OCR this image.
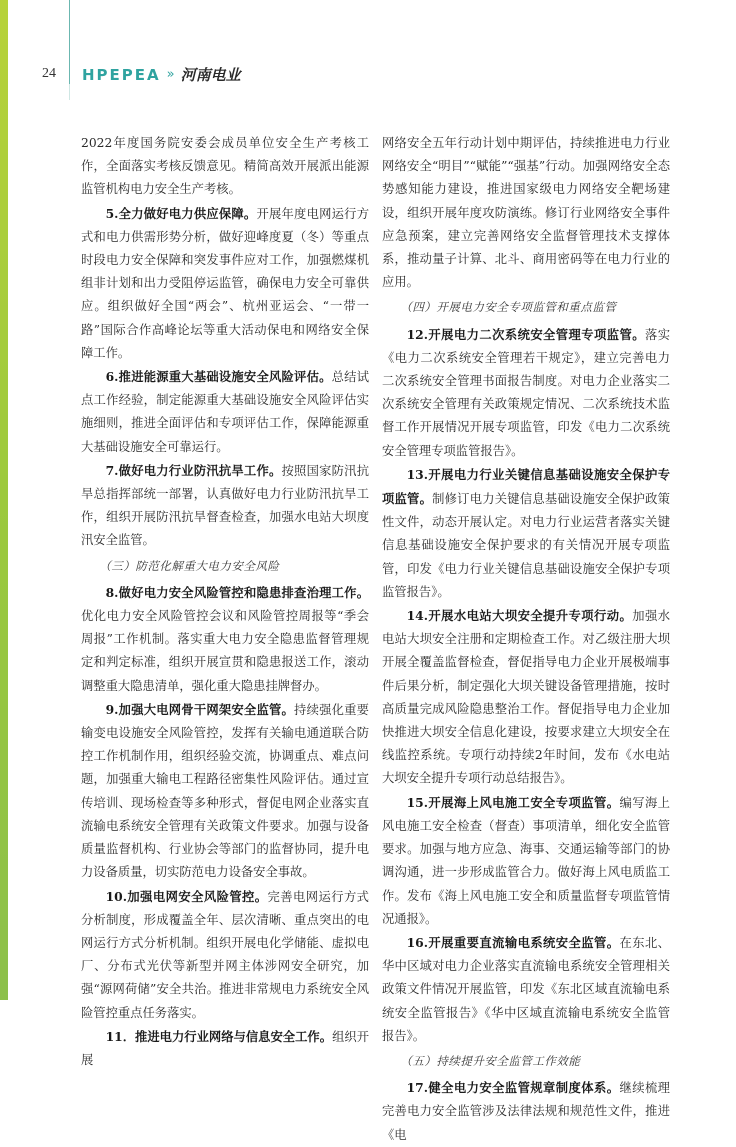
24 HPEPEA » 河南电业

2022年度国务院安委会成员单位安全生产考核工作，全面落实考核反馈意见。精简高效开展派出能源监管机构电力安全生产考核。

5.全力做好电力供应保障。开展年度电网运行方式和电力供需形势分析，做好迎峰度夏（冬）等重点时段电力安全保障和突发事件应对工作，加强燃煤机组非计划和出力受阻停运监管，确保电力安全可靠供应。组织做好全国“两会”、杭州亚运会、“一带一路”国际合作高峰论坛等重大活动保电和网络安全保障工作。

6.推进能源重大基础设施安全风险评估。总结试点工作经验，制定能源重大基础设施安全风险评估实施细则，推进全面评估和专项评估工作，保障能源重大基础设施安全可靠运行。

7.做好电力行业防汛抗旱工作。按照国家防汛抗旱总指挥部统一部署，认真做好电力行业防汛抗旱工作，组织开展防汛抗旱督查检查，加强水电站大坝度汛安全监管。

（三）防范化解重大电力安全风险

8.做好电力安全风险管控和隐患排查治理工作。优化电力安全风险管控会议和风险管控周报等“季会周报”工作机制。落实重大电力安全隐患监督管理规定和判定标准，组织开展宣贯和隐患报送工作，滚动调整重大隐患清单，强化重大隐患挂牌督办。

9.加强大电网骨干网架安全监管。持续强化重要输变电设施安全风险管控，发挥有关输电通道联合防控工作机制作用，组织经验交流，协调重点、难点问题，加强重大输电工程路径密集性风险评估。通过宣传培训、现场检查等多种形式，督促电网企业落实直流输电系统安全管理有关政策文件要求。加强与设备质量监督机构、行业协会等部门的监督协同，提升电力设备质量，切实防范电力设备安全事故。

10.加强电网安全风险管控。完善电网运行方式分析制度，形成覆盖全年、层次清晰、重点突出的电网运行方式分析机制。组织开展电化学储能、虚拟电厂、分布式光伏等新型并网主体涉网安全研究，加强“源网荷储”安全共治。推进非常规电力系统安全风险管控重点任务落实。

11．推进电力行业网络与信息安全工作。组织开展

网络安全五年行动计划中期评估，持续推进电力行业网络安全“明目”“赋能”“强基”行动。加强网络安全态势感知能力建设，推进国家级电力网络安全靶场建设，组织开展年度攻防演练。修订行业网络安全事件应急预案，建立完善网络安全监督管理技术支撑体系，推动量子计算、北斗、商用密码等在电力行业的应用。

（四）开展电力安全专项监管和重点监管

12.开展电力二次系统安全管理专项监管。落实《电力二次系统安全管理若干规定》，建立完善电力二次系统安全管理书面报告制度。对电力企业落实二次系统安全管理有关政策规定情况、二次系统技术监督工作开展情况开展专项监管，印发《电力二次系统安全管理专项监管报告》。

13.开展电力行业关键信息基础设施安全保护专项监管。制修订电力关键信息基础设施安全保护政策性文件，动态开展认定。对电力行业运营者落实关键信息基础设施安全保护要求的有关情况开展专项监管，印发《电力行业关键信息基础设施安全保护专项监管报告》。

14.开展水电站大坝安全提升专项行动。加强水电站大坝安全注册和定期检查工作。对乙级注册大坝开展全覆盖监督检查，督促指导电力企业开展极端事件后果分析，制定强化大坝关键设备管理措施，按时高质量完成风险隐患整治工作。督促指导电力企业加快推进大坝安全信息化建设，按要求建立大坝安全在线监控系统。专项行动持续2年时间，发布《水电站大坝安全提升专项行动总结报告》。

15.开展海上风电施工安全专项监管。编写海上风电施工安全检查（督查）事项清单，细化安全监管要求。加强与地方应急、海事、交通运输等部门的协调沟通，进一步形成监管合力。做好海上风电质监工作。发布《海上风电施工安全和质量监督专项监管情况通报》。

16.开展重要直流输电系统安全监管。在东北、华中区域对电力企业落实直流输电系统安全管理相关政策文件情况开展监管，印发《东北区域直流输电系统安全监管报告》《华中区域直流输电系统安全监管报告》。

（五）持续提升安全监管工作效能

17.健全电力安全监管规章制度体系。继续梳理完善电力安全监管涉及法律法规和规范性文件，推进《电
